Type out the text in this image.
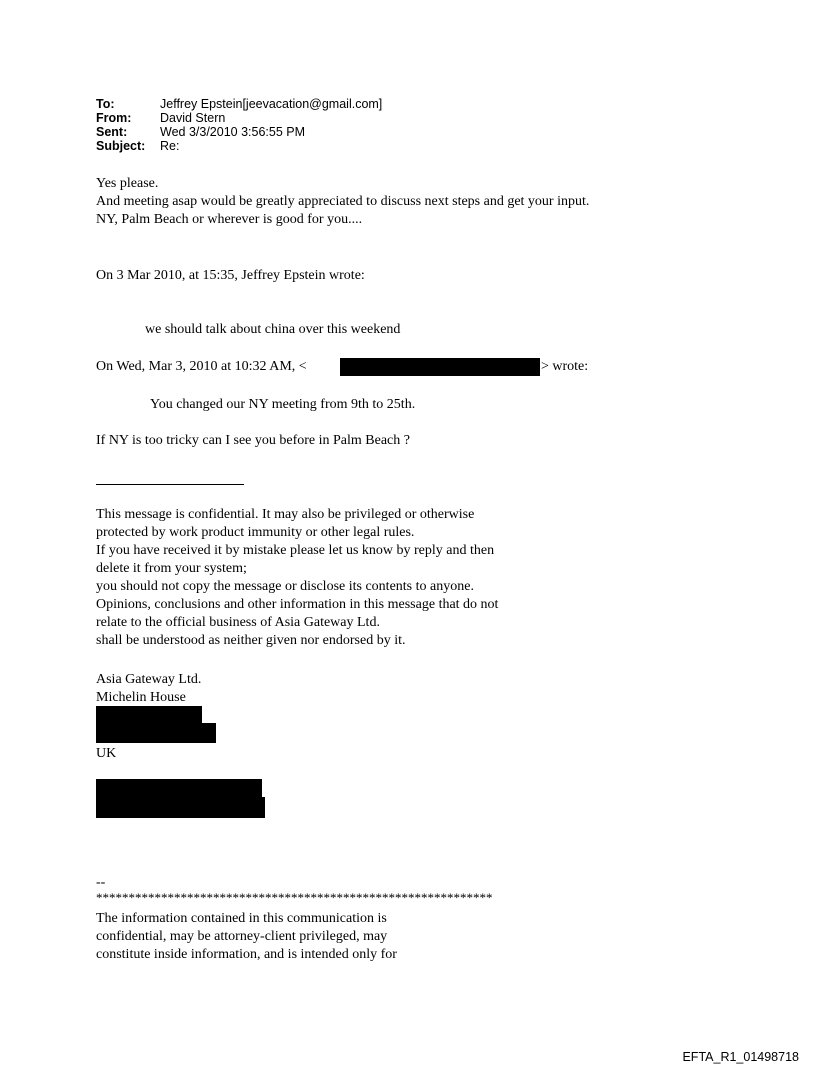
To:	Jeffrey Epstein[jeevacation@gmail.com]
From:	David Stern
Sent:	Wed 3/3/2010 3:56:55 PM
Subject:	Re:
Yes please.
And meeting asap would be greatly appreciated to discuss next steps and get your input.
NY, Palm Beach or wherever is good for you....
On 3 Mar 2010, at 15:35, Jeffrey Epstein wrote:
we should talk about china over this weekend
On Wed, Mar 3, 2010 at 10:32 AM, <	> wrote:
You changed our NY meeting from 9th to 25th.
If NY is too tricky can I see you before in Palm Beach ?
This message is confidential. It may also be privileged or otherwise
protected by work product immunity or other legal rules.
If you have received it by mistake please let us know by reply and then
delete it from your system;
you should not copy the message or disclose its contents to anyone.
Opinions, conclusions and other information in this message that do not
relate to the official business of Asia Gateway Ltd.
shall be understood as neither given nor endorsed by it.
Asia Gateway Ltd.
Michelin House
UK
--
*************************************************************
The information contained in this communication is
confidential, may be attorney-client privileged, may
constitute inside information, and is intended only for
EFTA_R1_01498718
